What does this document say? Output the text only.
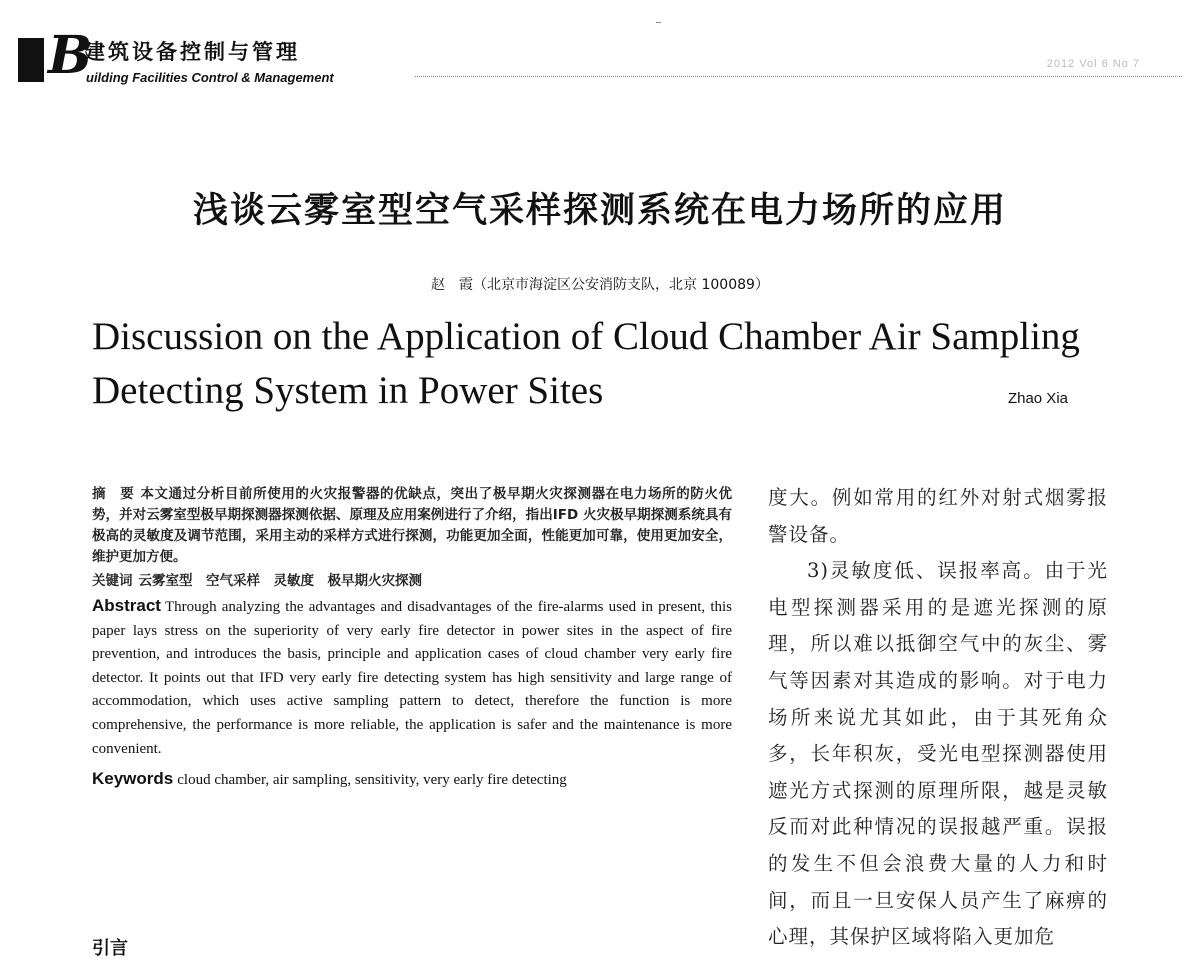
B
建筑设备控制与管理
uilding Facilities Control & Management
2012 Vol 6 No 7
浅谈云雾室型空气采样探测系统在电力场所的应用
赵　霞（北京市海淀区公安消防支队，北京 100089）
Discussion on the Application of Cloud Chamber Air Sampling
Detecting System in Power Sites	Zhao Xia

摘　要 本文通过分析目前所使用的火灾报警器的优缺点，突出了极早期火灾探测器在电力场所的防火优势，并对云雾室型极早期探测器探测依据、原理及应用案例进行了介绍，指出IFD 火灾极早期探测系统具有极高的灵敏度及调节范围，采用主动的采样方式进行探测，功能更加全面，性能更加可靠，使用更加安全，维护更加方便。

关键词 云雾室型　空气采样　灵敏度　极早期火灾探测

Abstract Through analyzing the advantages and disadvantages of the fire-alarms used in present, this paper lays stress on the superiority of very early fire detector in power sites in the aspect of fire prevention, and introduces the basis, principle and application cases of cloud chamber very early fire detector. It points out that IFD very early fire detecting system has high sensitivity and large range of accommodation, which uses active sampling pattern to detect, therefore the function is more comprehensive, the performance is more reliable, the application is safer and the maintenance is more convenient.

Keywords cloud chamber, air sampling, sensitivity, very early fire detecting

引言

度大。例如常用的红外对射式烟雾报警设备。

3)灵敏度低、误报率高。由于光电型探测器采用的是遮光探测的原理，所以难以抵御空气中的灰尘、雾气等因素对其造成的影响。对于电力场所来说尤其如此，由于其死角众多，长年积灰，受光电型探测器使用遮光方式探测的原理所限，越是灵敏反而对此种情况的误报越严重。误报的发生不但会浪费大量的人力和时间，而且一旦安保人员产生了麻痹的心理，其保护区域将陷入更加危
